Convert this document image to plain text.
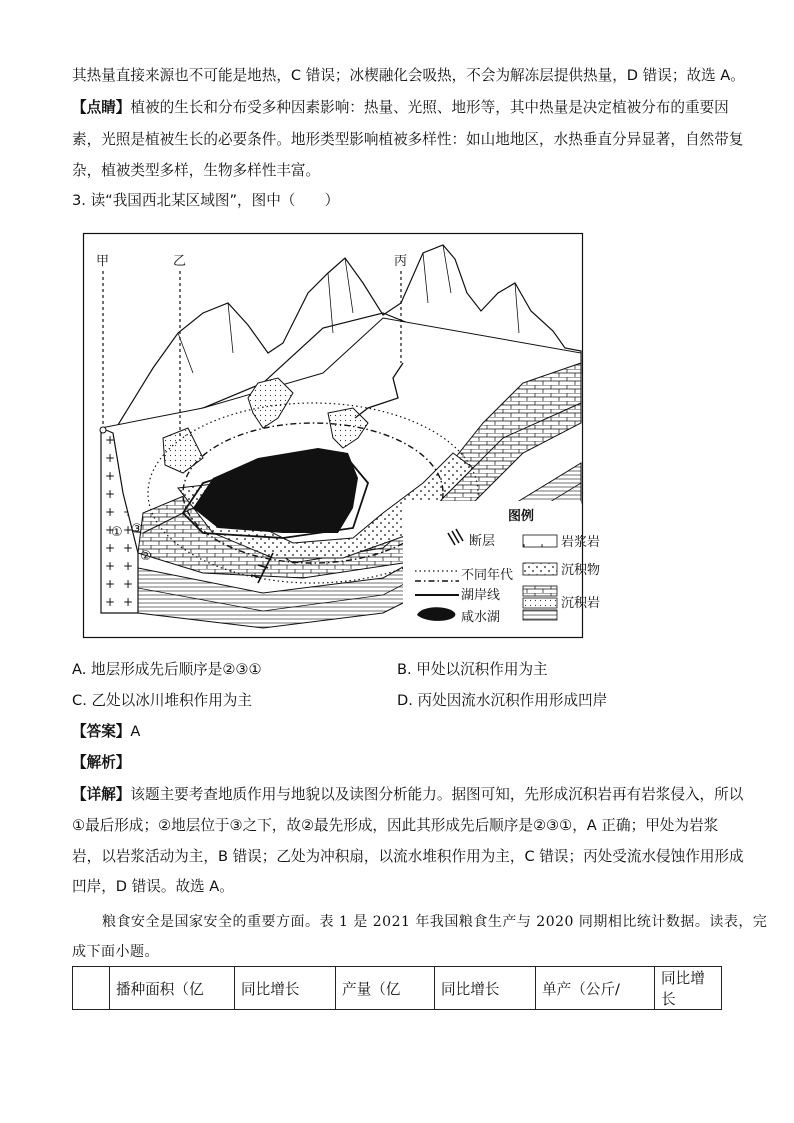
其热量直接来源也不可能是地热，C 错误；冰楔融化会吸热，不会为解冻层提供热量，D 错误；故选 A。
【点睛】植被的生长和分布受多种因素影响：热量、光照、地形等，其中热量是决定植被分布的重要因
素，光照是植被生长的必要条件。地形类型影响植被多样性：如山地地区，水热垂直分异显著，自然带复
杂，植被类型多样，生物多样性丰富。
3. 读“我国西北某区域图”，图中（　　）
甲	乙	丙
①
②
③
图例
断层	岩浆岩
不同年代	沉积物
湖岸线
沉积岩
咸水湖
A. 地层形成先后顺序是②③①	B. 甲处以沉积作用为主
C. 乙处以冰川堆积作用为主	D. 丙处因流水沉积作用形成凹岸
【答案】A
【解析】
【详解】该题主要考查地质作用与地貌以及读图分析能力。据图可知，先形成沉积岩再有岩浆侵入，所以
①最后形成；②地层位于③之下，故②最先形成，因此其形成先后顺序是②③①，A 正确；甲处为岩浆
岩，以岩浆活动为主，B 错误；乙处为冲积扇，以流水堆积作用为主，C 错误；丙处受流水侵蚀作用形成
凹岸，D 错误。故选 A。
粮食安全是国家安全的重要方面。表 1 是 2021 年我国粮食生产与 2020 同期相比统计数据。读表，完
成下面小题。
	播种面积（亿	同比增长	产量（亿	同比增长	单产（公斤/	同比增长
